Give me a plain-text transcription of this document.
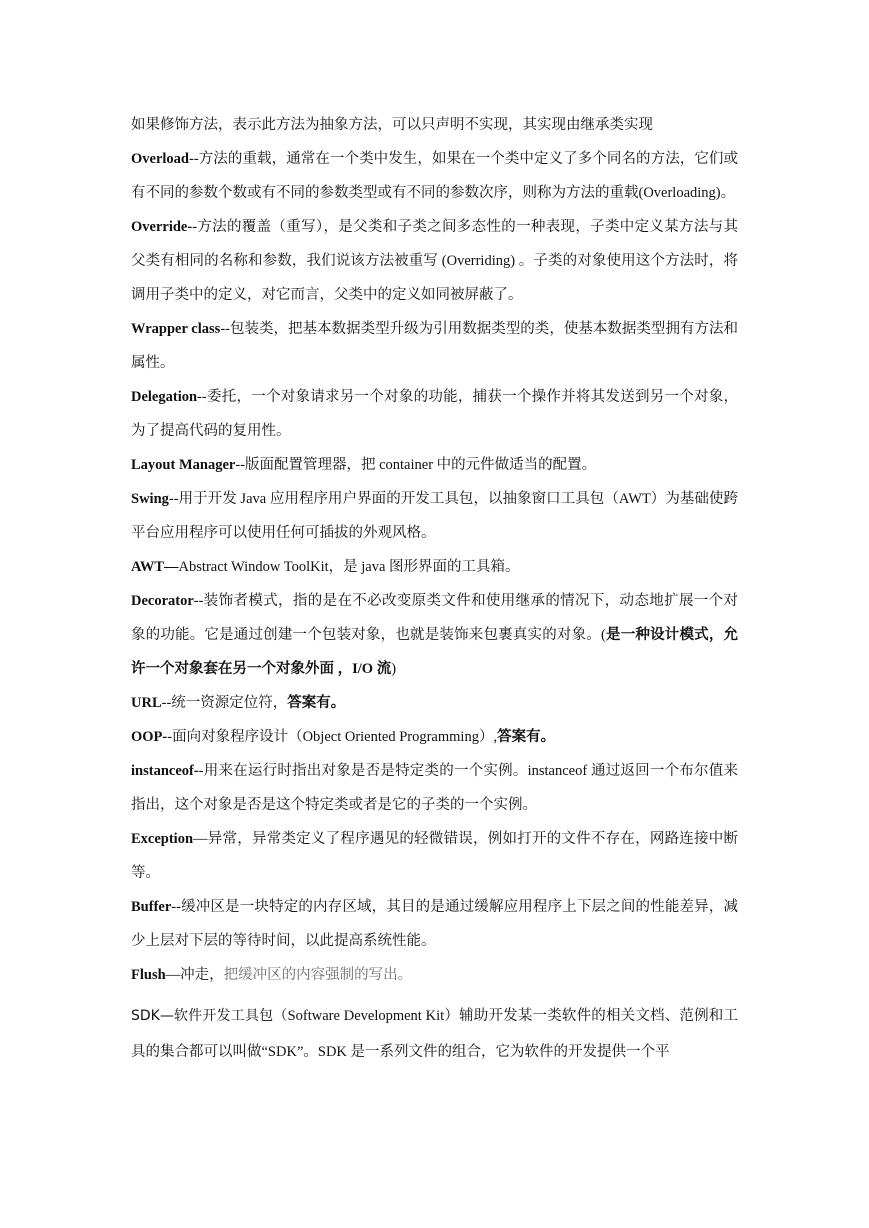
如果修饰方法，表示此方法为抽象方法，可以只声明不实现，其实现由继承类实现

Overload--方法的重载，通常在一个类中发生，如果在一个类中定义了多个同名的方法，它们或有不同的参数个数或有不同的参数类型或有不同的参数次序，则称为方法的重载(Overloading)。

Override--方法的覆盖（重写），是父类和子类之间多态性的一种表现，子类中定义某方法与其父类有相同的名称和参数，我们说该方法被重写 (Overriding) 。子类的对象使用这个方法时，将调用子类中的定义，对它而言，父类中的定义如同被屏蔽了。

Wrapper class--包装类，把基本数据类型升级为引用数据类型的类，使基本数据类型拥有方法和属性。

Delegation--委托，一个对象请求另一个对象的功能，捕获一个操作并将其发送到另一个对象，为了提高代码的复用性。

Layout Manager--版面配置管理器，把 container 中的元件做适当的配置。

Swing--用于开发 Java 应用程序用户界面的开发工具包，以抽象窗口工具包（AWT）为基础使跨平台应用程序可以使用任何可插拔的外观风格。

AWT—Abstract Window ToolKit，是 java 图形界面的工具箱。

Decorator--装饰者模式，指的是在不必改变原类文件和使用继承的情况下，动态地扩展一个对象的功能。它是通过创建一个包装对象，也就是装饰来包裹真实的对象。(是一种设计模式，允许一个对象套在另一个对象外面 ，I/O 流)

URL--统一资源定位符，答案有。

OOP--面向对象程序设计（Object Oriented Programming）,答案有。

instanceof--用来在运行时指出对象是否是特定类的一个实例。instanceof 通过返回一个布尔值来指出，这个对象是否是这个特定类或者是它的子类的一个实例。

Exception—异常，异常类定义了程序遇见的轻微错误，例如打开的文件不存在，网路连接中断等。

Buffer--缓冲区是一块特定的内存区域，其目的是通过缓解应用程序上下层之间的性能差异，减少上层对下层的等待时间，以此提高系统性能。

Flush—冲走，把缓冲区的内容强制的写出。

SDK—软件开发工具包（Software Development Kit）辅助开发某一类软件的相关文档、范例和工具的集合都可以叫做“SDK”。SDK 是一系列文件的组合，它为软件的开发提供一个平
